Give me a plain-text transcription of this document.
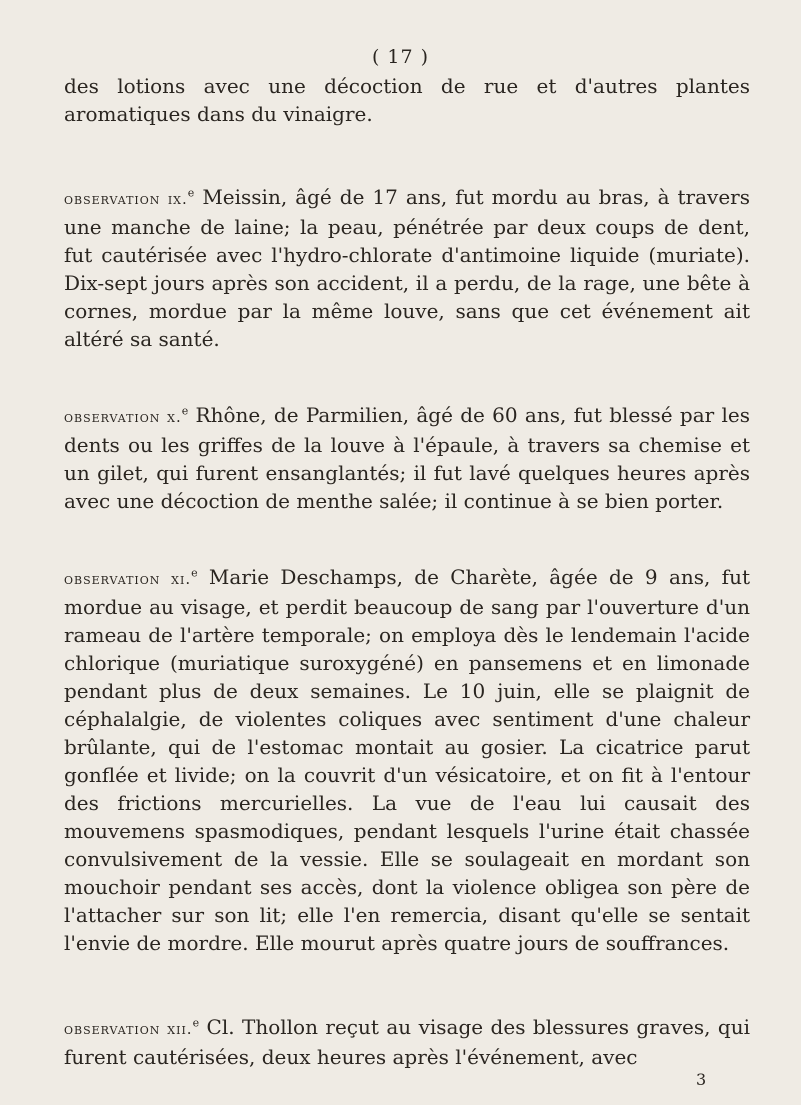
( 17 )

des lotions avec une décoction de rue et d'autres plantes aromatiques dans du vinaigre.

observation ix.$^e$ Meissin, âgé de 17 ans, fut mordu au bras, à travers une manche de laine; la peau, pénétrée par deux coups de dent, fut cautérisée avec l'hydro-chlorate d'antimoine liquide (muriate). Dix-sept jours après son accident, il a perdu, de la rage, une bête à cornes, mordue par la même louve, sans que cet événement ait altéré sa santé.

observation x.$^e$ Rhône, de Parmilien, âgé de 60 ans, fut blessé par les dents ou les griffes de la louve à l'épaule, à travers sa chemise et un gilet, qui furent ensanglantés; il fut lavé quelques heures après avec une décoction de menthe salée; il continue à se bien porter.

observation xi.$^e$ Marie Deschamps, de Charète, âgée de 9 ans, fut mordue au visage, et perdit beaucoup de sang par l'ouverture d'un rameau de l'artère temporale; on employa dès le lendemain l'acide chlorique (muriatique suroxygéné) en pansemens et en limonade pendant plus de deux semaines. Le 10 juin, elle se plaignit de céphalalgie, de violentes coliques avec sentiment d'une chaleur brûlante, qui de l'estomac montait au gosier. La cicatrice parut gonflée et livide; on la couvrit d'un vésicatoire, et on fit à l'entour des frictions mercurielles. La vue de l'eau lui causait des mouvemens spasmodiques, pendant lesquels l'urine était chassée convulsivement de la vessie. Elle se soulageait en mordant son mouchoir pendant ses accès, dont la violence obligea son père de l'attacher sur son lit; elle l'en remercia, disant qu'elle se sentait l'envie de mordre. Elle mourut après quatre jours de souffrances.

observation xii.$^e$ Cl. Thollon reçut au visage des blessures graves, qui furent cautérisées, deux heures après l'événement, avec

3
